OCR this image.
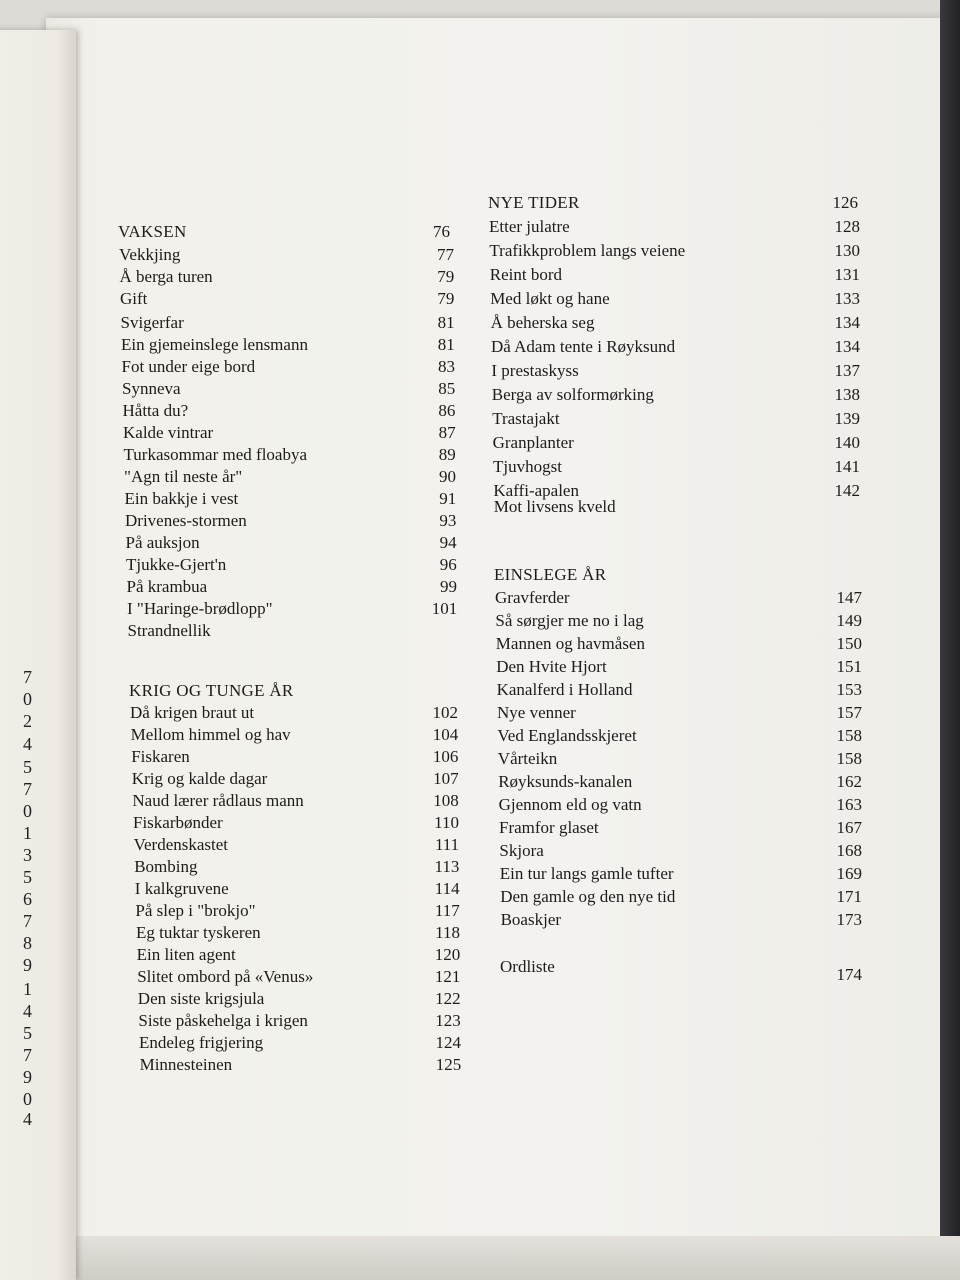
7
0
2
4
5
7
0
1
3
5
6
7
8
9
1
4
5
7
9
0
4
VAKSEN	76
Vekkjing	77
Å berga turen	79
Gift	79
Svigerfar	81
Ein gjemeinslege lensmann	81
Fot under eige bord	83
Synneva	85
Håtta du?	86
Kalde vintrar	87
Turkasommar med floabya	89
"Agn til neste år"	90
Ein bakkje i vest	91
Drivenes-stormen	93
På auksjon	94
Tjukke-Gjert'n	96
På krambua	99
I "Haringe-brødlopp"	101
Strandnellik
KRIG OG TUNGE ÅR
Då krigen braut ut	102
Mellom himmel og hav	104
Fiskaren	106
Krig og kalde dagar	107
Naud lærer rådlaus mann	108
Fiskarbønder	110
Verdenskastet	111
Bombing	113
I kalkgruvene	114
På slep i "brokjo"	117
Eg tuktar tyskeren	118
Ein liten agent	120
Slitet ombord på «Venus»	121
Den siste krigsjula	122
Siste påskehelga i krigen	123
Endeleg frigjering	124
Minnesteinen	125
NYE TIDER	126
Etter julatre	128
Trafikkproblem langs veiene	130
Reint bord	131
Med løkt og hane	133
Å beherska seg	134
Då Adam tente i Røyksund	134
I prestaskyss	137
Berga av solformørking	138
Trastajakt	139
Granplanter	140
Tjuvhogst	141
Kaffi-apalen	142
Mot livsens kveld
EINSLEGE ÅR
Gravferder	147
Så sørgjer me no i lag	149
Mannen og havmåsen	150
Den Hvite Hjort	151
Kanalferd i Holland	153
Nye venner	157
Ved Englandsskjeret	158
Vårteikn	158
Røyksunds-kanalen	162
Gjennom eld og vatn	163
Framfor glaset	167
Skjora	168
Ein tur langs gamle tufter	169
Den gamle og den nye tid	171
Boaskjer	173
Ordliste	174
